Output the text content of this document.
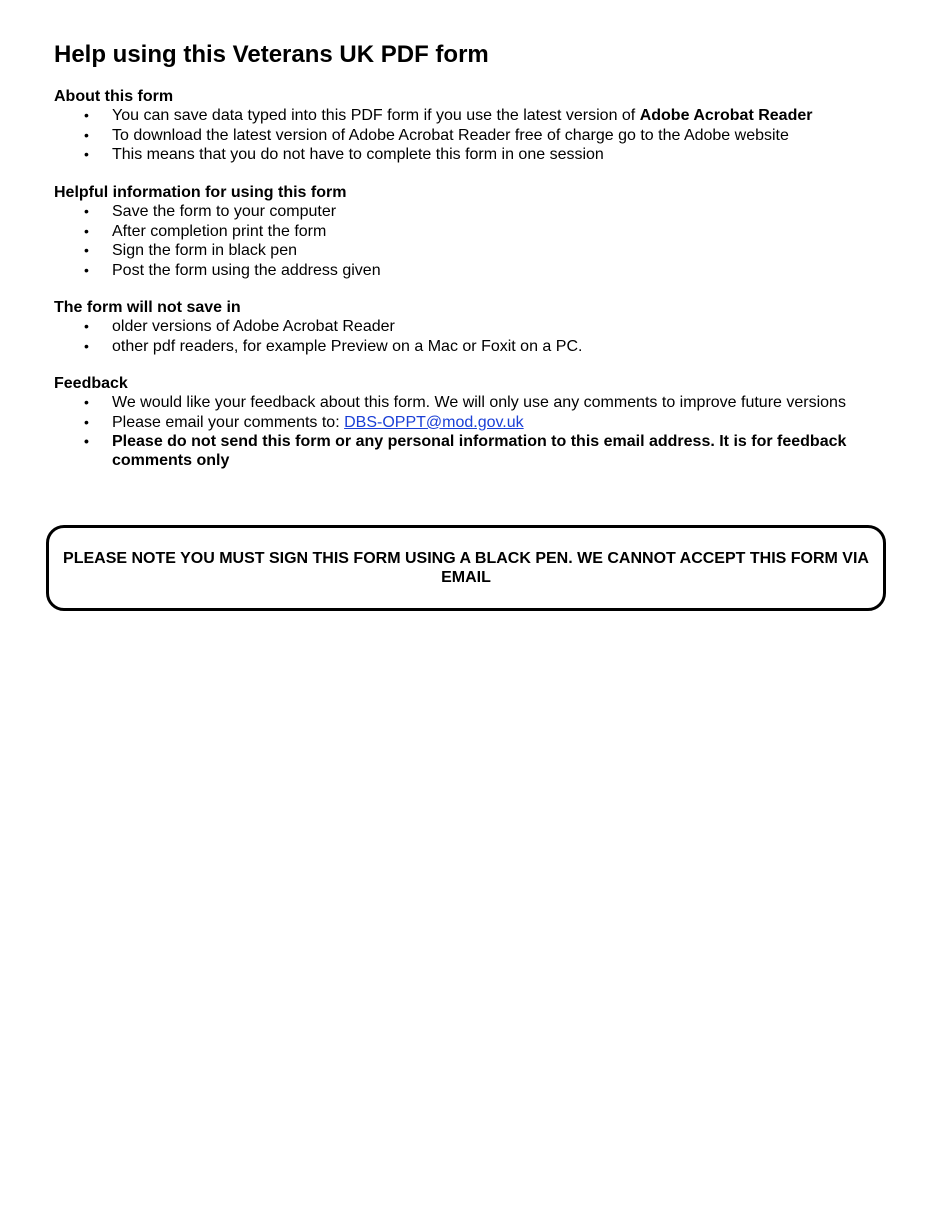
Help using this Veterans UK PDF form
About this form
• You can save data typed into this PDF form if you use the latest version of Adobe Acrobat Reader
• To download the latest version of Adobe Acrobat Reader free of charge go to the Adobe website
• This means that you do not have to complete this form in one session
Helpful information for using this form
• Save the form to your computer
• After completion print the form
• Sign the form in black pen
• Post the form using the address given
The form will not save in
• older versions of Adobe Acrobat Reader
• other pdf readers, for example Preview on a Mac or Foxit on a PC.
Feedback
• We would like your feedback about this form. We will only use any comments to improve future versions
• Please email your comments to: DBS-OPPT@mod.gov.uk
• Please do not send this form or any personal information to this email address. It is for feedback comments only
PLEASE NOTE YOU MUST SIGN THIS FORM USING A BLACK PEN. WE CANNOT ACCEPT THIS FORM VIA EMAIL
